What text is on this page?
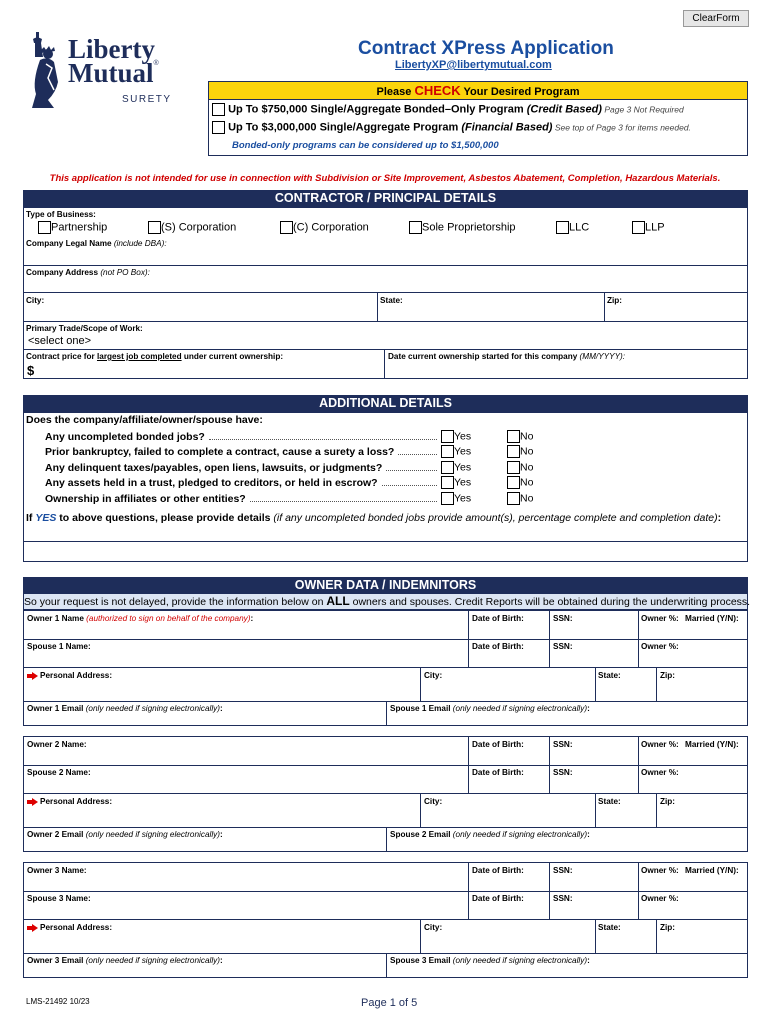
ClearForm
Liberty
Mutual®
SURETY
Contract XPress Application
LibertyXP@libertymutual.com
Please CHECK Your Desired Program
Up To $750,000 Single/Aggregate Bonded–Only Program (Credit Based) Page 3 Not Required
Up To $3,000,000 Single/Aggregate Program (Financial Based) See top of Page 3 for items needed.
Bonded-only programs can be considered up to $1,500,000
This application is not intended for use in connection with Subdivision or Site Improvement, Asbestos Abatement, Completion, Hazardous Materials.
CONTRACTOR / PRINCIPAL DETAILS
Type of Business:
Partnership	(S) Corporation	(C) Corporation	Sole Proprietorship	LLC	LLP
Company Legal Name (include DBA):
Company Address (not PO Box):
City:	State:	Zip:
Primary Trade/Scope of Work:
<select one>
Contract price for largest job completed under current ownership:
$
Date current ownership started for this company (MM/YYYY):
ADDITIONAL DETAILS
Does the company/affiliate/owner/spouse have:
Any uncompleted bonded jobs?	Yes	No
Prior bankruptcy, failed to complete a contract, cause a surety a loss?	Yes	No
Any delinquent taxes/payables, open liens, lawsuits, or judgments?	Yes	No
Any assets held in a trust, pledged to creditors, or held in escrow?	Yes	No
Ownership in affiliates or other entities?	Yes	No
If YES to above questions, please provide details (if any uncompleted bonded jobs provide amount(s), percentage complete and completion date):
OWNER DATA / INDEMNITORS
So your request is not delayed, provide the information below on ALL owners and spouses. Credit Reports will be obtained during the underwriting process.
Owner 1 Name (authorized to sign on behalf of the company):	Date of Birth:	SSN:	Owner %: Married (Y/N):
Spouse 1 Name:	Date of Birth:	SSN:	Owner %:
Personal Address:	City:	State:	Zip:
Owner 1 Email (only needed if signing electronically):	Spouse 1 Email (only needed if signing electronically):
Owner 2 Name:	Date of Birth:	SSN:	Owner %: Married (Y/N):
Spouse 2 Name:	Date of Birth:	SSN:	Owner %:
Personal Address:	City:	State:	Zip:
Owner 2 Email (only needed if signing electronically):	Spouse 2 Email (only needed if signing electronically):
Owner 3 Name:	Date of Birth:	SSN:	Owner %: Married (Y/N):
Spouse 3 Name:	Date of Birth:	SSN:	Owner %:
Personal Address:	City:	State:	Zip:
Owner 3 Email (only needed if signing electronically):	Spouse 3 Email (only needed if signing electronically):
LMS-21492 10/23	Page 1 of 5
